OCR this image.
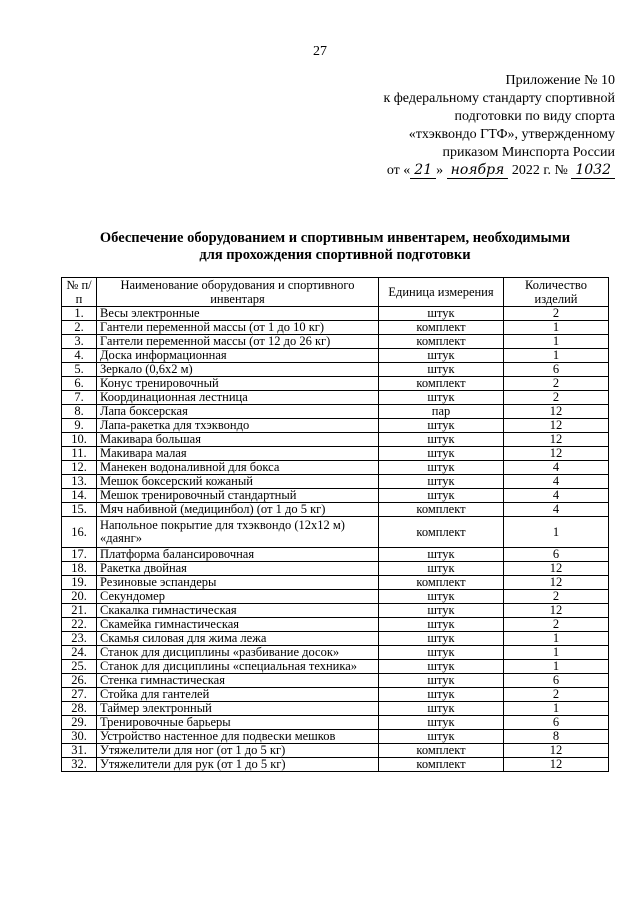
27
Приложение № 10
к федеральному стандарту спортивной
подготовки по виду спорта
«тхэквондо ГТФ», утвержденному
приказом Минспорта России
от « 21 » ноября 2022 г. № 1032
Обеспечение оборудованием и спортивным инвентарем, необходимыми
для прохождения спортивной подготовки
№ п/п	Наименование оборудования и спортивного инвентаря	Единица измерения	Количество изделий
1.	Весы электронные	штук	2
2.	Гантели переменной массы (от 1 до 10 кг)	комплект	1
3.	Гантели переменной массы (от 12 до 26 кг)	комплект	1
4.	Доска информационная	штук	1
5.	Зеркало (0,6х2 м)	штук	6
6.	Конус тренировочный	комплект	2
7.	Координационная лестница	штук	2
8.	Лапа боксерская	пар	12
9.	Лапа-ракетка для тхэквондо	штук	12
10.	Макивара большая	штук	12
11.	Макивара малая	штук	12
12.	Манекен водоналивной для бокса	штук	4
13.	Мешок боксерский кожаный	штук	4
14.	Мешок тренировочный стандартный	штук	4
15.	Мяч набивной (медицинбол) (от 1 до 5 кг)	комплект	4
16.	Напольное покрытие для тхэквондо (12х12 м) «даянг»	комплект	1
17.	Платформа балансировочная	штук	6
18.	Ракетка двойная	штук	12
19.	Резиновые эспандеры	комплект	12
20.	Секундомер	штук	2
21.	Скакалка гимнастическая	штук	12
22.	Скамейка гимнастическая	штук	2
23.	Скамья силовая для жима лежа	штук	1
24.	Станок для дисциплины «разбивание досок»	штук	1
25.	Станок для дисциплины «специальная техника»	штук	1
26.	Стенка гимнастическая	штук	6
27.	Стойка для гантелей	штук	2
28.	Таймер электронный	штук	1
29.	Тренировочные барьеры	штук	6
30.	Устройство настенное для подвески мешков	штук	8
31.	Утяжелители для ног (от 1 до 5 кг)	комплект	12
32.	Утяжелители для рук (от 1 до 5 кг)	комплект	12
